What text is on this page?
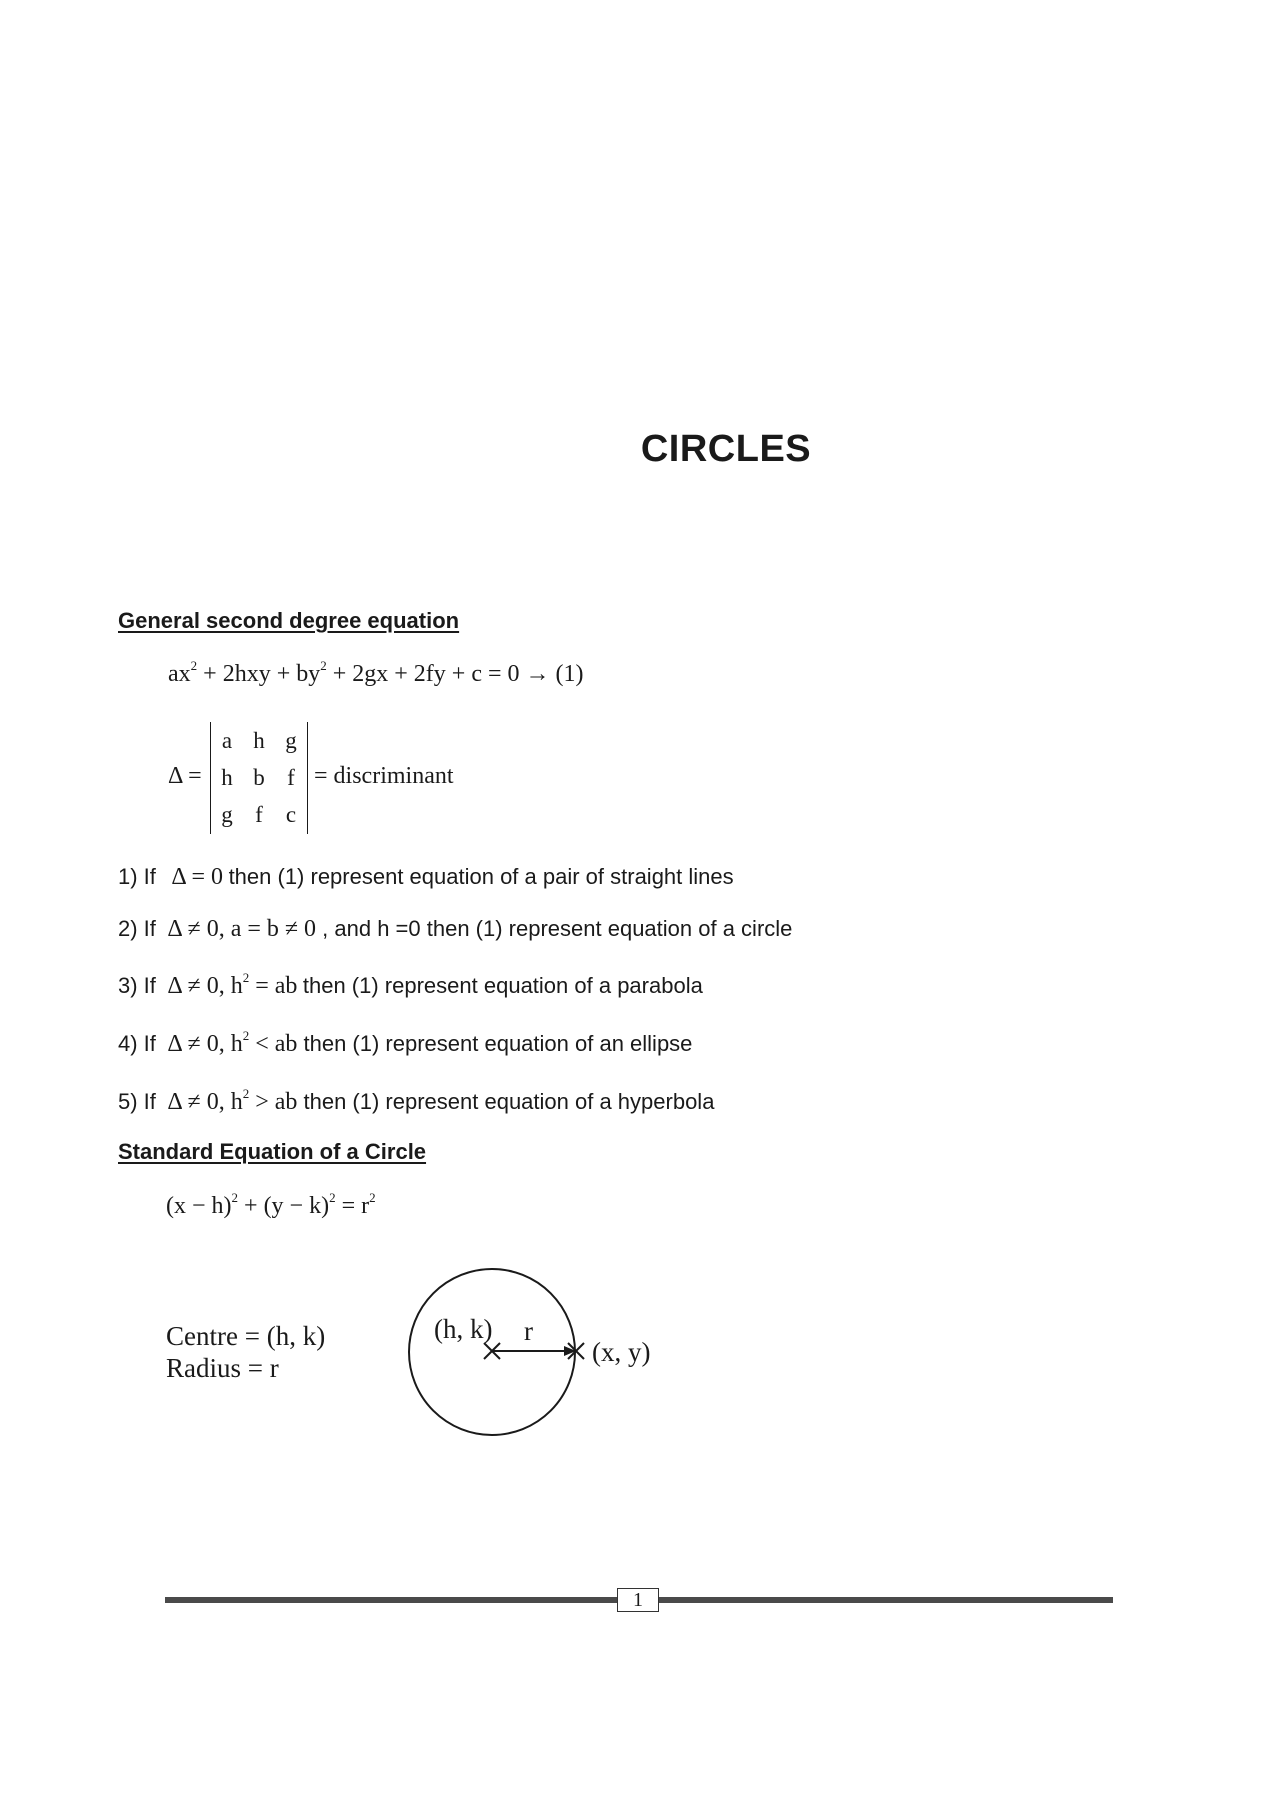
CIRCLES
General second degree equation
$ax^2 + 2hxy + by^2 + 2gx + 2fy + c = 0 \to (1)$
Δ =
a	h	g
h	b	f
g	f	c
= discriminant
1) If Δ = 0 then (1) represent equation of a pair of straight lines
2) If Δ ≠ 0, a = b ≠ 0 , and h =0 then (1) represent equation of a circle
3) If Δ ≠ 0, $h^2$ = ab then (1) represent equation of a parabola
4) If Δ ≠ 0, $h^2$ < ab then (1) represent equation of an ellipse
5) If Δ ≠ 0, $h^2$ > ab then (1) represent equation of a hyperbola
Standard Equation of a Circle
$(x - h)^2 + (y - k)^2 = r^2$
Centre = (h, k)
Radius = r
(h, k) r
(x, y)
1
